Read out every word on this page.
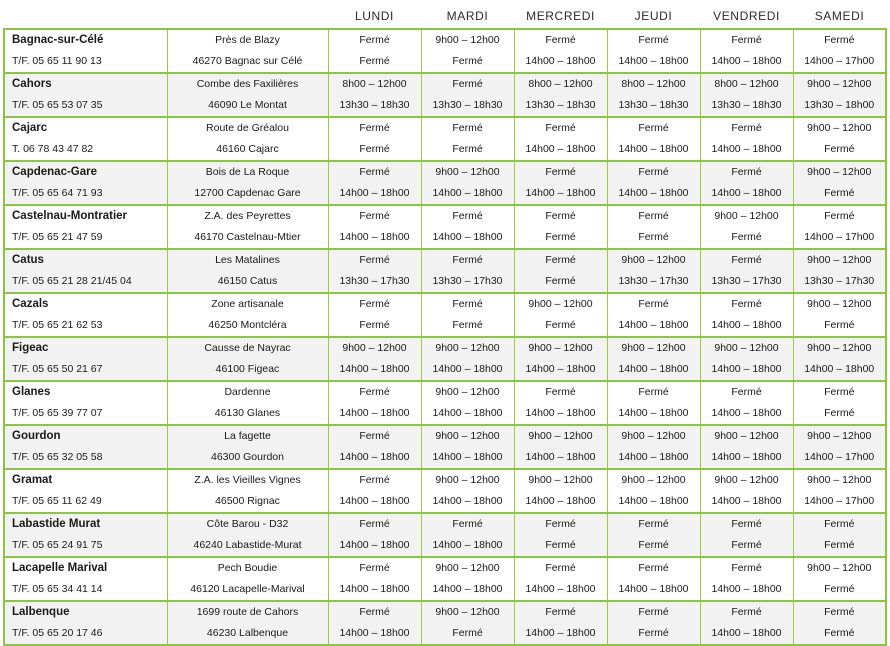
		LUNDI	MARDI	MERCREDI	JEUDI	VENDREDI	SAMEDI
Bagnac-sur-Célé	Près de Blazy	Fermé	9h00 – 12h00	Fermé	Fermé	Fermé	Fermé
T/F. 05 65 11 90 13	46270 Bagnac sur Célé	Fermé	Fermé	14h00 – 18h00	14h00 – 18h00	14h00 – 18h00	14h00 – 17h00
Cahors	Combe des Faxilières	8h00 – 12h00	Fermé	8h00 – 12h00	8h00 – 12h00	8h00 – 12h00	9h00 – 12h00
T/F. 05 65 53 07 35	46090 Le Montat	13h30 – 18h30	13h30 – 18h30	13h30 – 18h30	13h30 – 18h30	13h30 – 18h30	13h30 – 18h00
Cajarc	Route de Gréalou	Fermé	Fermé	Fermé	Fermé	Fermé	9h00 – 12h00
T. 06 78 43 47 82	46160 Cajarc	Fermé	Fermé	14h00 – 18h00	14h00 – 18h00	14h00 – 18h00	Fermé
Capdenac-Gare	Bois de La Roque	Fermé	9h00 – 12h00	Fermé	Fermé	Fermé	9h00 – 12h00
T/F. 05 65 64 71 93	12700 Capdenac Gare	14h00 – 18h00	14h00 – 18h00	14h00 – 18h00	14h00 – 18h00	14h00 – 18h00	Fermé
Castelnau-Montratier	Z.A. des Peyrettes	Fermé	Fermé	Fermé	Fermé	9h00 – 12h00	Fermé
T/F. 05 65 21 47 59	46170 Castelnau-Mtier	14h00 – 18h00	14h00 – 18h00	Fermé	Fermé	Fermé	14h00 – 17h00
Catus	Les Matalines	Fermé	Fermé	Fermé	9h00 – 12h00	Fermé	9h00 – 12h00
T/F. 05 65 21 28 21/45 04	46150 Catus	13h30 – 17h30	13h30 – 17h30	Fermé	13h30 – 17h30	13h30 – 17h30	13h30 – 17h30
Cazals	Zone artisanale	Fermé	Fermé	9h00 – 12h00	Fermé	Fermé	9h00 – 12h00
T/F. 05 65 21 62 53	46250 Montcléra	Fermé	Fermé	Fermé	14h00 – 18h00	14h00 – 18h00	Fermé
Figeac	Causse de Nayrac	9h00 – 12h00	9h00 – 12h00	9h00 – 12h00	9h00 – 12h00	9h00 – 12h00	9h00 – 12h00
T/F. 05 65 50 21 67	46100 Figeac	14h00 – 18h00	14h00 – 18h00	14h00 – 18h00	14h00 – 18h00	14h00 – 18h00	14h00 – 18h00
Glanes	Dardenne	Fermé	9h00 – 12h00	Fermé	Fermé	Fermé	Fermé
T/F. 05 65 39 77 07	46130 Glanes	14h00 – 18h00	14h00 – 18h00	14h00 – 18h00	14h00 – 18h00	14h00 – 18h00	Fermé
Gourdon	La fagette	Fermé	9h00 – 12h00	9h00 – 12h00	9h00 – 12h00	9h00 – 12h00	9h00 – 12h00
T/F. 05 65 32 05 58	46300 Gourdon	14h00 – 18h00	14h00 – 18h00	14h00 – 18h00	14h00 – 18h00	14h00 – 18h00	14h00 – 17h00
Gramat	Z.A. les Vieilles Vignes	Fermé	9h00 – 12h00	9h00 – 12h00	9h00 – 12h00	9h00 – 12h00	9h00 – 12h00
T/F. 05 65 11 62 49	46500 Rignac	14h00 – 18h00	14h00 – 18h00	14h00 – 18h00	14h00 – 18h00	14h00 – 18h00	14h00 – 17h00
Labastide Murat	Côte Barou - D32	Fermé	Fermé	Fermé	Fermé	Fermé	Fermé
T/F. 05 65 24 91 75	46240 Labastide-Murat	14h00 – 18h00	14h00 – 18h00	Fermé	Fermé	Fermé	Fermé
Lacapelle Marival	Pech Boudie	Fermé	9h00 – 12h00	Fermé	Fermé	Fermé	9h00 – 12h00
T/F. 05 65 34 41 14	46120 Lacapelle-Marival	14h00 – 18h00	14h00 – 18h00	14h00 – 18h00	14h00 – 18h00	14h00 – 18h00	Fermé
Lalbenque	1699 route de Cahors	Fermé	9h00 – 12h00	Fermé	Fermé	Fermé	Fermé
T/F. 05 65 20 17 46	46230 Lalbenque	14h00 – 18h00	Fermé	14h00 – 18h00	Fermé	14h00 – 18h00	Fermé
